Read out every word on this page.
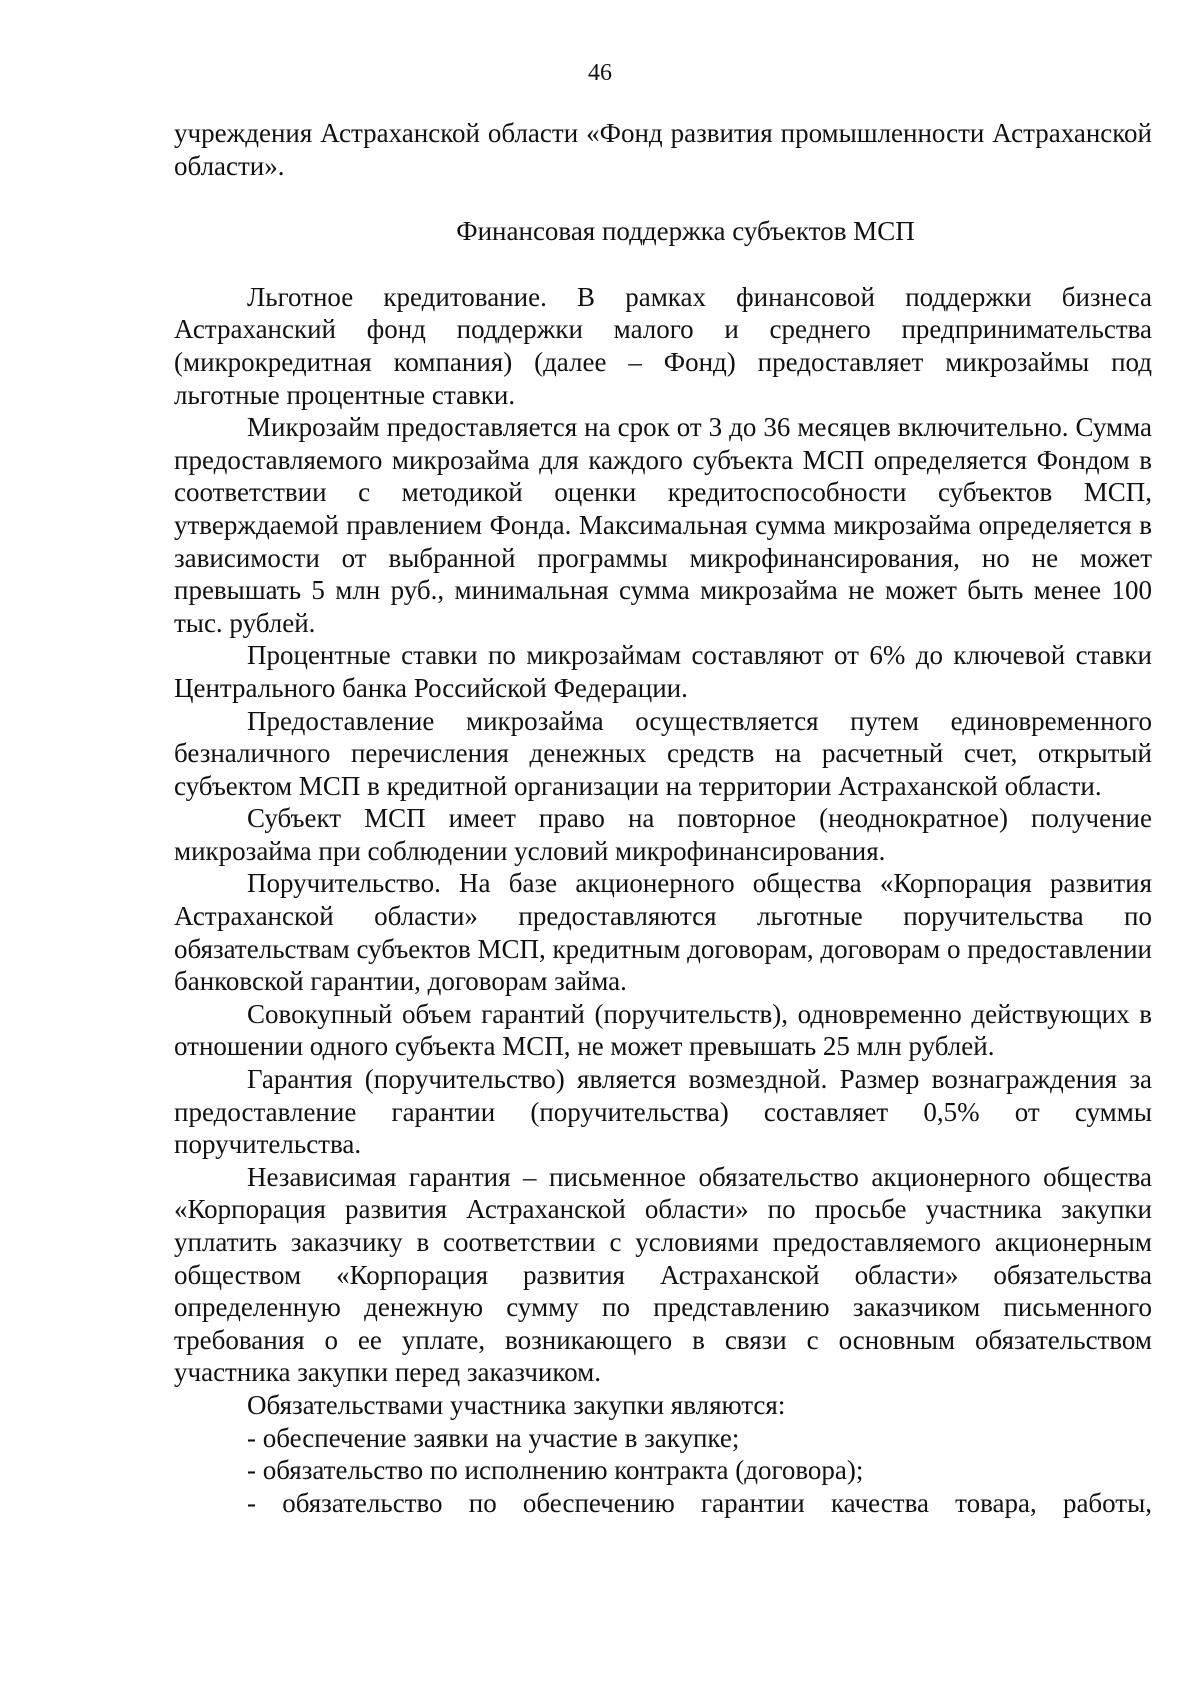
46

учреждения Астраханской области «Фонд развития промышленности Астраханской области».

Финансовая поддержка субъектов МСП

Льготное кредитование. В рамках финансовой поддержки бизнеса Астраханский фонд поддержки малого и среднего предпринимательства (микрокредитная компания) (далее – Фонд) предоставляет микрозаймы под льготные процентные ставки.

Микрозайм предоставляется на срок от 3 до 36 месяцев включительно. Сумма предоставляемого микрозайма для каждого субъекта МСП определяется Фондом в соответствии с методикой оценки кредитоспособности субъектов МСП, утверждаемой правлением Фонда. Максимальная сумма микрозайма определяется в зависимости от выбранной программы микрофинансирования, но не может превышать 5 млн руб., минимальная сумма микрозайма не может быть менее 100 тыс. рублей.

Процентные ставки по микрозаймам составляют от 6% до ключевой ставки Центрального банка Российской Федерации.

Предоставление микрозайма осуществляется путем единовременного безналичного перечисления денежных средств на расчетный счет, открытый субъектом МСП в кредитной организации на территории Астраханской области.

Субъект МСП имеет право на повторное (неоднократное) получение микрозайма при соблюдении условий микрофинансирования.

Поручительство. На базе акционерного общества «Корпорация развития Астраханской области» предоставляются льготные поручительства по обязательствам субъектов МСП, кредитным договорам, договорам о предоставлении банковской гарантии, договорам займа.

Совокупный объем гарантий (поручительств), одновременно действующих в отношении одного субъекта МСП, не может превышать 25 млн рублей.

Гарантия (поручительство) является возмездной. Размер вознаграждения за предоставление гарантии (поручительства) составляет 0,5% от суммы поручительства.

Независимая гарантия – письменное обязательство акционерного общества «Корпорация развития Астраханской области» по просьбе участника закупки уплатить заказчику в соответствии с условиями предоставляемого акционерным обществом «Корпорация развития Астраханской области» обязательства определенную денежную сумму по представлению заказчиком письменного требования о ее уплате, возникающего в связи с основным обязательством участника закупки перед заказчиком.

Обязательствами участника закупки являются:

- обеспечение заявки на участие в закупке;

- обязательство по исполнению контракта (договора);

- обязательство по обеспечению гарантии качества товара, работы,
